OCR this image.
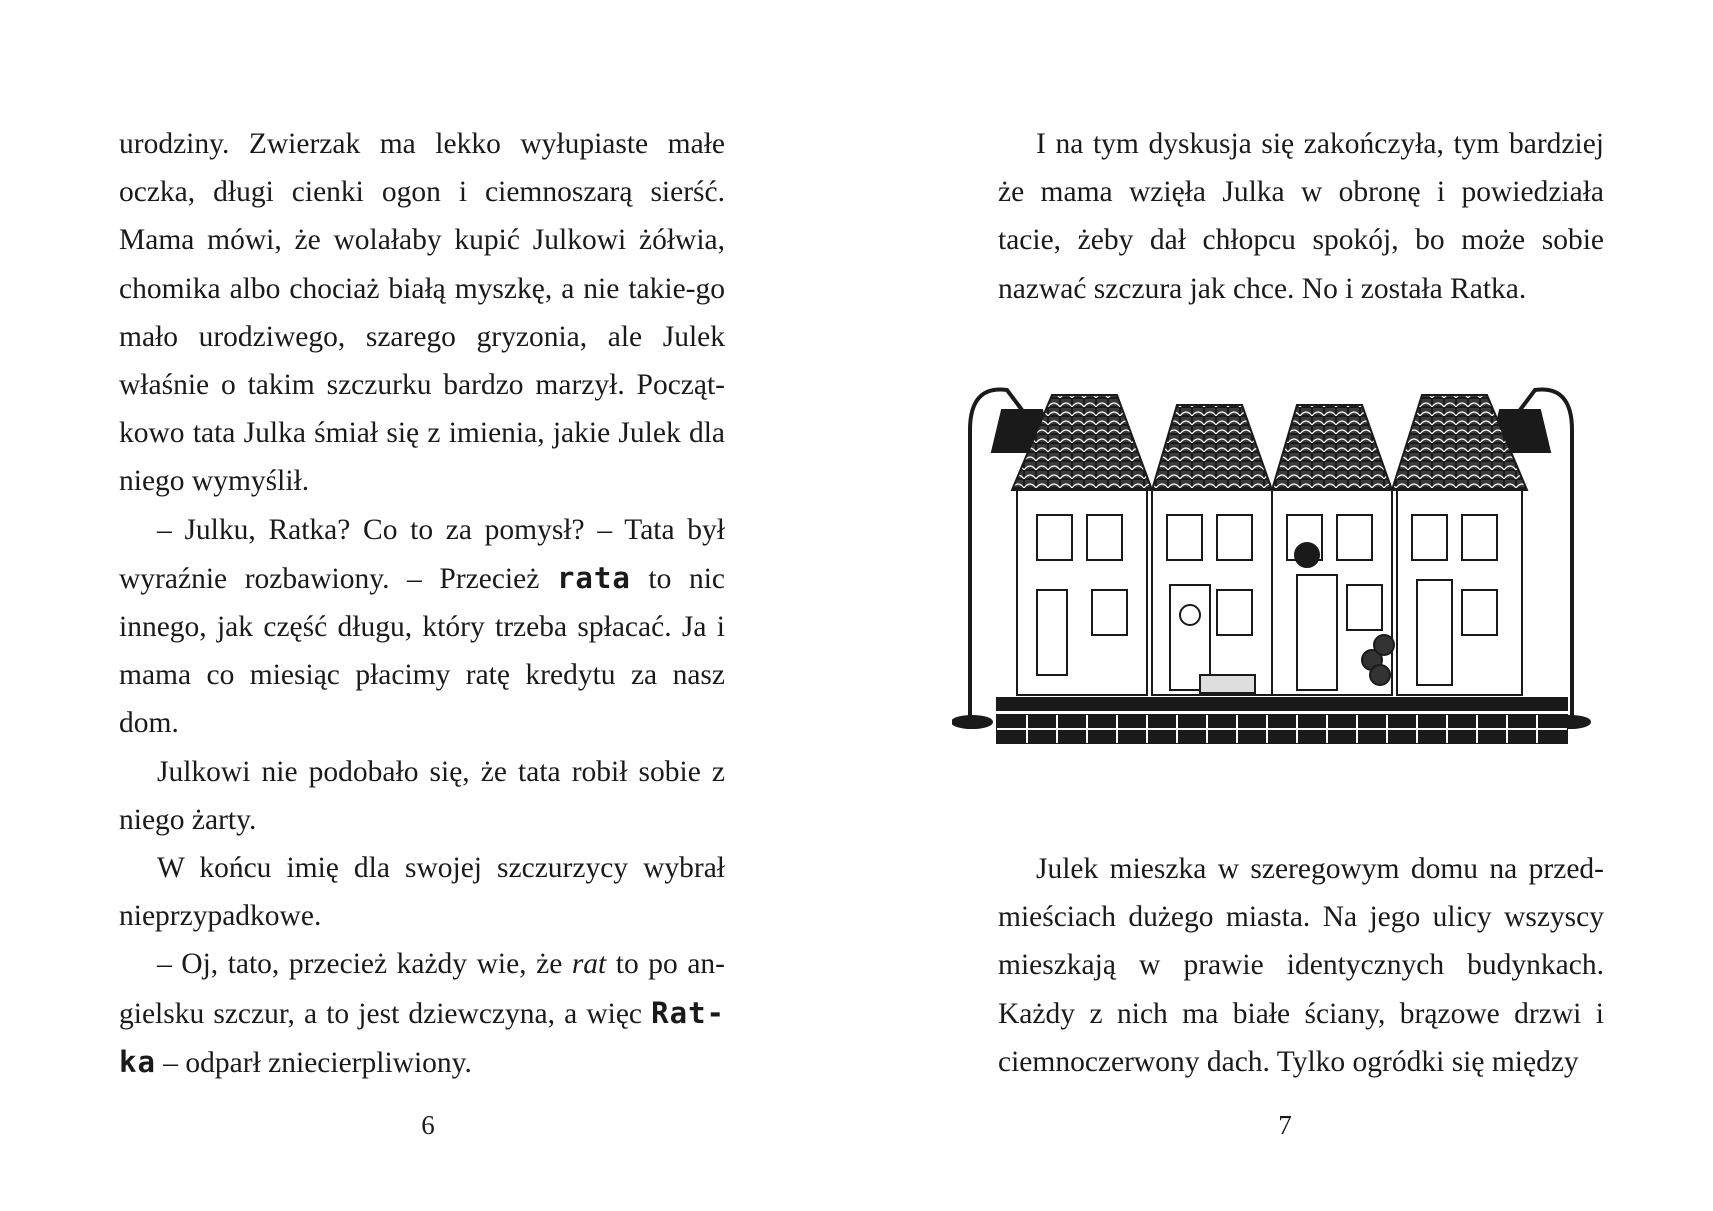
urodziny. Zwierzak ma lekko wyłupiaste małe oczka, długi cienki ogon i ciemnoszarą sierść. Mama mówi, że wolałaby kupić Julkowi żółwia, chomika albo chociaż białą myszkę, a nie takie-go mało urodziwego, szarego gryzonia, ale Julek właśnie o takim szczurku bardzo marzył. Począt-kowo tata Julka śmiał się z imienia, jakie Julek dla niego wymyślił.

– Julku, Ratka? Co to za pomysł? – Tata był wyraźnie rozbawiony. – Przecież rata to nic innego, jak część długu, który trzeba spłacać. Ja i mama co miesiąc płacimy ratę kredytu za nasz dom.

Julkowi nie podobało się, że tata robił sobie z niego żarty.

W końcu imię dla swojej szczurzycy wybrał nieprzypadkowe.

– Oj, tato, przecież każdy wie, że rat to po an-gielsku szczur, a to jest dziewczyna, a więc Rat-ka – odparł zniecierpliwiony.

6

I na tym dyskusja się zakończyła, tym bardziej że mama wzięła Julka w obronę i powiedziała tacie, żeby dał chłopcu spokój, bo może sobie nazwać szczura jak chce. No i została Ratka.

Julek mieszka w szeregowym domu na przed-mieściach dużego miasta. Na jego ulicy wszyscy mieszkają w prawie identycznych budynkach. Każdy z nich ma białe ściany, brązowe drzwi i ciemnoczerwony dach. Tylko ogródki się między

7
